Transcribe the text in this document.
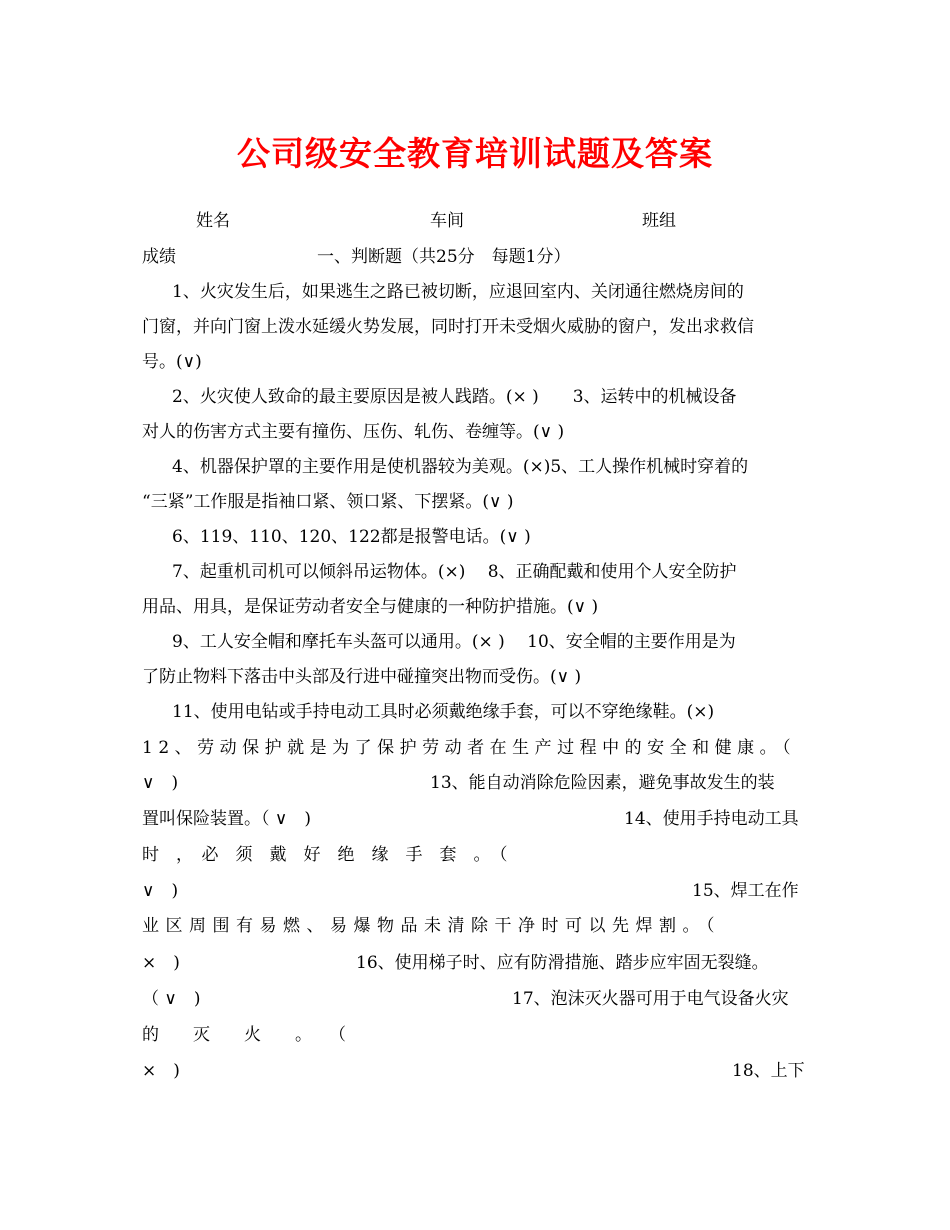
公司级安全教育培训试题及答案
姓名	车间	班组
成绩	一、判断题（共25分　每题1分）
1、火灾发生后，如果逃生之路已被切断，应退回室内、关闭通往燃烧房间的
门窗，并向门窗上泼水延缓火势发展，同时打开未受烟火威胁的窗户，发出求救信
号。(∨)
2、火灾使人致命的最主要原因是被人践踏。(× )　　3、运转中的机械设备
对人的伤害方式主要有撞伤、压伤、轧伤、卷缠等。(∨ )
4、机器保护罩的主要作用是使机器较为美观。(×)5、工人操作机械时穿着的
“三紧”工作服是指袖口紧、领口紧、下摆紧。(∨ )
6、119、110、120、122都是报警电话。(∨ )
7、起重机司机可以倾斜吊运物体。(×)　 8、正确配戴和使用个人安全防护
用品、用具，是保证劳动者安全与健康的一种防护措施。(∨ )
9、工人安全帽和摩托车头盔可以通用。(× )　 10、安全帽的主要作用是为
了防止物料下落击中头部及行进中碰撞突出物而受伤。(∨ )
11、使用电钻或手持电动工具时必须戴绝缘手套，可以不穿绝缘鞋。(×)
12、劳动保护就是为了保护劳动者在生产过程中的安全和健康。（
∨　)	13、能自动消除危险因素，避免事故发生的装
置叫保险装置。（ ∨　)	14、使用手持电动工具
时　，　必　须　戴　好　绝　缘　手　套　。　（
∨　)	15、焊工在作
业区周围有易燃、易爆物品未清除干净时可以先焊割。（
×　)	16、使用梯子时、应有防滑措施、踏步应牢固无裂缝。
（ ∨　)	17、泡沫灭火器可用于电气设备火灾
的　　灭　　火　　。　　（
×　)	18、上下
